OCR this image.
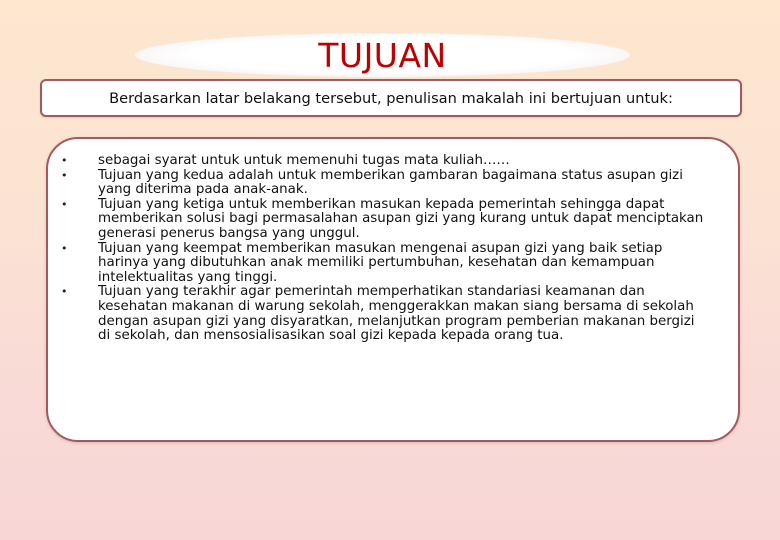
TUJUAN
Berdasarkan latar belakang tersebut, penulisan makalah ini bertujuan untuk:
• sebagai syarat untuk untuk memenuhi tugas mata kuliah……
• Tujuan yang kedua adalah untuk memberikan gambaran bagaimana status asupan gizi yang diterima pada anak-anak.
• Tujuan yang ketiga untuk memberikan masukan kepada pemerintah sehingga dapat memberikan solusi bagi permasalahan asupan gizi yang kurang untuk dapat menciptakan generasi penerus bangsa yang unggul.
• Tujuan yang keempat memberikan masukan mengenai asupan gizi yang baik setiap harinya yang dibutuhkan anak memiliki pertumbuhan, kesehatan dan kemampuan intelektualitas yang tinggi.
• Tujuan yang terakhir agar pemerintah memperhatikan standariasi keamanan dan kesehatan makanan di warung sekolah, menggerakkan makan siang bersama di sekolah dengan asupan gizi yang disyaratkan, melanjutkan program pemberian makanan bergizi di sekolah, dan mensosialisasikan soal gizi kepada kepada orang tua.
